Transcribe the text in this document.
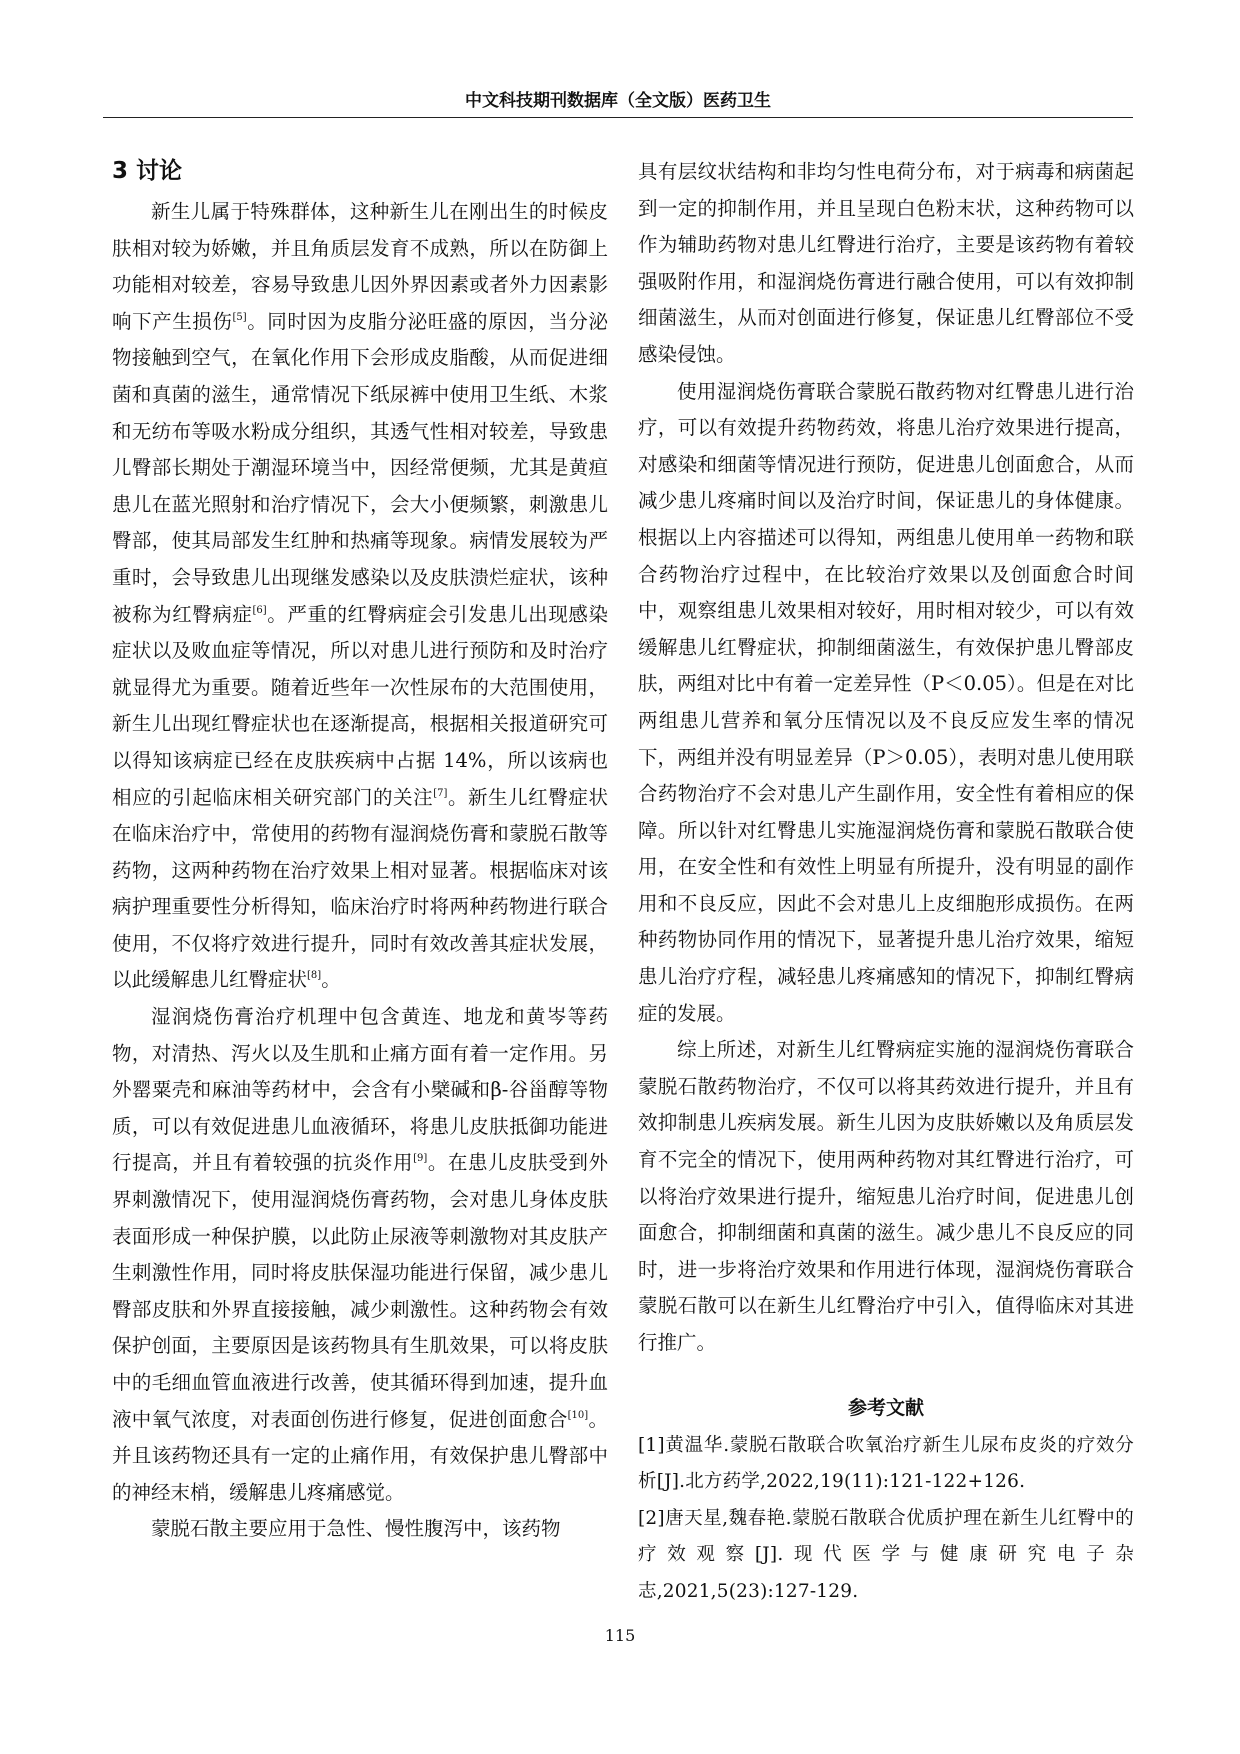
中文科技期刊数据库（全文版）医药卫生
3 讨论

新生儿属于特殊群体，这种新生儿在刚出生的时候皮肤相对较为娇嫩，并且角质层发育不成熟，所以在防御上功能相对较差，容易导致患儿因外界因素或者外力因素影响下产生损伤[5]。同时因为皮脂分泌旺盛的原因，当分泌物接触到空气，在氧化作用下会形成皮脂酸，从而促进细菌和真菌的滋生，通常情况下纸尿裤中使用卫生纸、木浆和无纺布等吸水粉成分组织，其透气性相对较差，导致患儿臀部长期处于潮湿环境当中，因经常便频，尤其是黄疸患儿在蓝光照射和治疗情况下，会大小便频繁，刺激患儿臀部，使其局部发生红肿和热痛等现象。病情发展较为严重时，会导致患儿出现继发感染以及皮肤溃烂症状，该种被称为红臀病症[6]。严重的红臀病症会引发患儿出现感染症状以及败血症等情况，所以对患儿进行预防和及时治疗就显得尤为重要。随着近些年一次性尿布的大范围使用，新生儿出现红臀症状也在逐渐提高，根据相关报道研究可以得知该病症已经在皮肤疾病中占据 14%，所以该病也相应的引起临床相关研究部门的关注[7]。新生儿红臀症状在临床治疗中，常使用的药物有湿润烧伤膏和蒙脱石散等药物，这两种药物在治疗效果上相对显著。根据临床对该病护理重要性分析得知，临床治疗时将两种药物进行联合使用，不仅将疗效进行提升，同时有效改善其症状发展，以此缓解患儿红臀症状[8]。

湿润烧伤膏治疗机理中包含黄连、地龙和黄岑等药物，对清热、泻火以及生肌和止痛方面有着一定作用。另外罂粟壳和麻油等药材中，会含有小檗碱和β-谷甾醇等物质，可以有效促进患儿血液循环，将患儿皮肤抵御功能进行提高，并且有着较强的抗炎作用[9]。在患儿皮肤受到外界刺激情况下，使用湿润烧伤膏药物，会对患儿身体皮肤表面形成一种保护膜，以此防止尿液等刺激物对其皮肤产生刺激性作用，同时将皮肤保湿功能进行保留，减少患儿臀部皮肤和外界直接接触，减少刺激性。这种药物会有效保护创面，主要原因是该药物具有生肌效果，可以将皮肤中的毛细血管血液进行改善，使其循环得到加速，提升血液中氧气浓度，对表面创伤进行修复，促进创面愈合[10]。并且该药物还具有一定的止痛作用，有效保护患儿臀部中的神经末梢，缓解患儿疼痛感觉。

蒙脱石散主要应用于急性、慢性腹泻中，该药物

具有层纹状结构和非均匀性电荷分布，对于病毒和病菌起到一定的抑制作用，并且呈现白色粉末状，这种药物可以作为辅助药物对患儿红臀进行治疗，主要是该药物有着较强吸附作用，和湿润烧伤膏进行融合使用，可以有效抑制细菌滋生，从而对创面进行修复，保证患儿红臀部位不受感染侵蚀。

使用湿润烧伤膏联合蒙脱石散药物对红臀患儿进行治疗，可以有效提升药物药效，将患儿治疗效果进行提高，对感染和细菌等情况进行预防，促进患儿创面愈合，从而减少患儿疼痛时间以及治疗时间，保证患儿的身体健康。根据以上内容描述可以得知，两组患儿使用单一药物和联合药物治疗过程中，在比较治疗效果以及创面愈合时间中，观察组患儿效果相对较好，用时相对较少，可以有效缓解患儿红臀症状，抑制细菌滋生，有效保护患儿臀部皮肤，两组对比中有着一定差异性（P＜0.05）。但是在对比两组患儿营养和氧分压情况以及不良反应发生率的情况下，两组并没有明显差异（P＞0.05），表明对患儿使用联合药物治疗不会对患儿产生副作用，安全性有着相应的保障。所以针对红臀患儿实施湿润烧伤膏和蒙脱石散联合使用，在安全性和有效性上明显有所提升，没有明显的副作用和不良反应，因此不会对患儿上皮细胞形成损伤。在两种药物协同作用的情况下，显著提升患儿治疗效果，缩短患儿治疗疗程，减轻患儿疼痛感知的情况下，抑制红臀病症的发展。

综上所述，对新生儿红臀病症实施的湿润烧伤膏联合蒙脱石散药物治疗，不仅可以将其药效进行提升，并且有效抑制患儿疾病发展。新生儿因为皮肤娇嫩以及角质层发育不完全的情况下，使用两种药物对其红臀进行治疗，可以将治疗效果进行提升，缩短患儿治疗时间，促进患儿创面愈合，抑制细菌和真菌的滋生。减少患儿不良反应的同时，进一步将治疗效果和作用进行体现，湿润烧伤膏联合蒙脱石散可以在新生儿红臀治疗中引入，值得临床对其进行推广。

参考文献
[1]黄温华.蒙脱石散联合吹氧治疗新生儿尿布皮炎的疗效分析[J].北方药学,2022,19(11):121-122+126.
[2]唐天星,魏春艳.蒙脱石散联合优质护理在新生儿红臀中的疗效观察[J].现代医学与健康研究电子杂志,2021,5(23):127-129.
115
